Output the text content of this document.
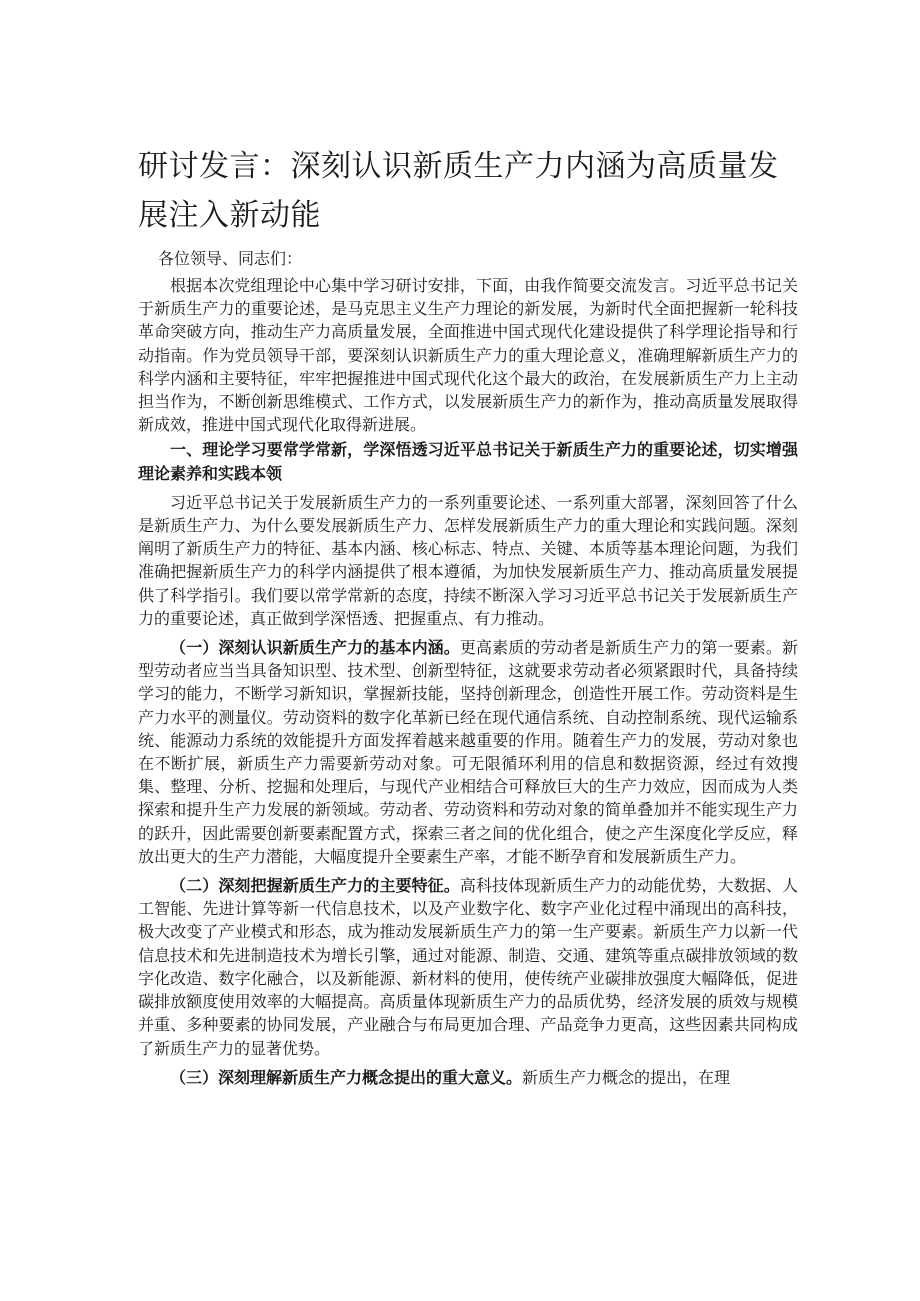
研讨发言：深刻认识新质生产力内涵为高质量发展注入新动能
各位领导、同志们：

根据本次党组理论中心集中学习研讨安排，下面，由我作简要交流发言。习近平总书记关于新质生产力的重要论述，是马克思主义生产力理论的新发展，为新时代全面把握新一轮科技革命突破方向，推动生产力高质量发展，全面推进中国式现代化建设提供了科学理论指导和行动指南。作为党员领导干部，要深刻认识新质生产力的重大理论意义，准确理解新质生产力的科学内涵和主要特征，牢牢把握推进中国式现代化这个最大的政治，在发展新质生产力上主动担当作为，不断创新思维模式、工作方式，以发展新质生产力的新作为，推动高质量发展取得新成效，推进中国式现代化取得新进展。

一、理论学习要常学常新，学深悟透习近平总书记关于新质生产力的重要论述，切实增强理论素养和实践本领

习近平总书记关于发展新质生产力的一系列重要论述、一系列重大部署，深刻回答了什么是新质生产力、为什么要发展新质生产力、怎样发展新质生产力的重大理论和实践问题。深刻阐明了新质生产力的特征、基本内涵、核心标志、特点、关键、本质等基本理论问题，为我们准确把握新质生产力的科学内涵提供了根本遵循，为加快发展新质生产力、推动高质量发展提供了科学指引。我们要以常学常新的态度，持续不断深入学习习近平总书记关于发展新质生产力的重要论述，真正做到学深悟透、把握重点、有力推动。

（一）深刻认识新质生产力的基本内涵。更高素质的劳动者是新质生产力的第一要素。新型劳动者应当当具备知识型、技术型、创新型特征，这就要求劳动者必须紧跟时代，具备持续学习的能力，不断学习新知识，掌握新技能，坚持创新理念，创造性开展工作。劳动资料是生产力水平的测量仪。劳动资料的数字化革新已经在现代通信系统、自动控制系统、现代运输系统、能源动力系统的效能提升方面发挥着越来越重要的作用。随着生产力的发展，劳动对象也在不断扩展，新质生产力需要新劳动对象。可无限循环利用的信息和数据资源，经过有效搜集、整理、分析、挖掘和处理后，与现代产业相结合可释放巨大的生产力效应，因而成为人类探索和提升生产力发展的新领域。劳动者、劳动资料和劳动对象的简单叠加并不能实现生产力的跃升，因此需要创新要素配置方式，探索三者之间的优化组合，使之产生深度化学反应，释放出更大的生产力潜能，大幅度提升全要素生产率，才能不断孕育和发展新质生产力。

（二）深刻把握新质生产力的主要特征。高科技体现新质生产力的动能优势，大数据、人工智能、先进计算等新一代信息技术，以及产业数字化、数字产业化过程中涌现出的高科技，极大改变了产业模式和形态，成为推动发展新质生产力的第一生产要素。新质生产力以新一代信息技术和先进制造技术为增长引擎，通过对能源、制造、交通、建筑等重点碳排放领域的数字化改造、数字化融合，以及新能源、新材料的使用，使传统产业碳排放强度大幅降低，促进碳排放额度使用效率的大幅提高。高质量体现新质生产力的品质优势，经济发展的质效与规模并重、多种要素的协同发展，产业融合与布局更加合理、产品竞争力更高，这些因素共同构成了新质生产力的显著优势。

（三）深刻理解新质生产力概念提出的重大意义。新质生产力概念的提出，在理
